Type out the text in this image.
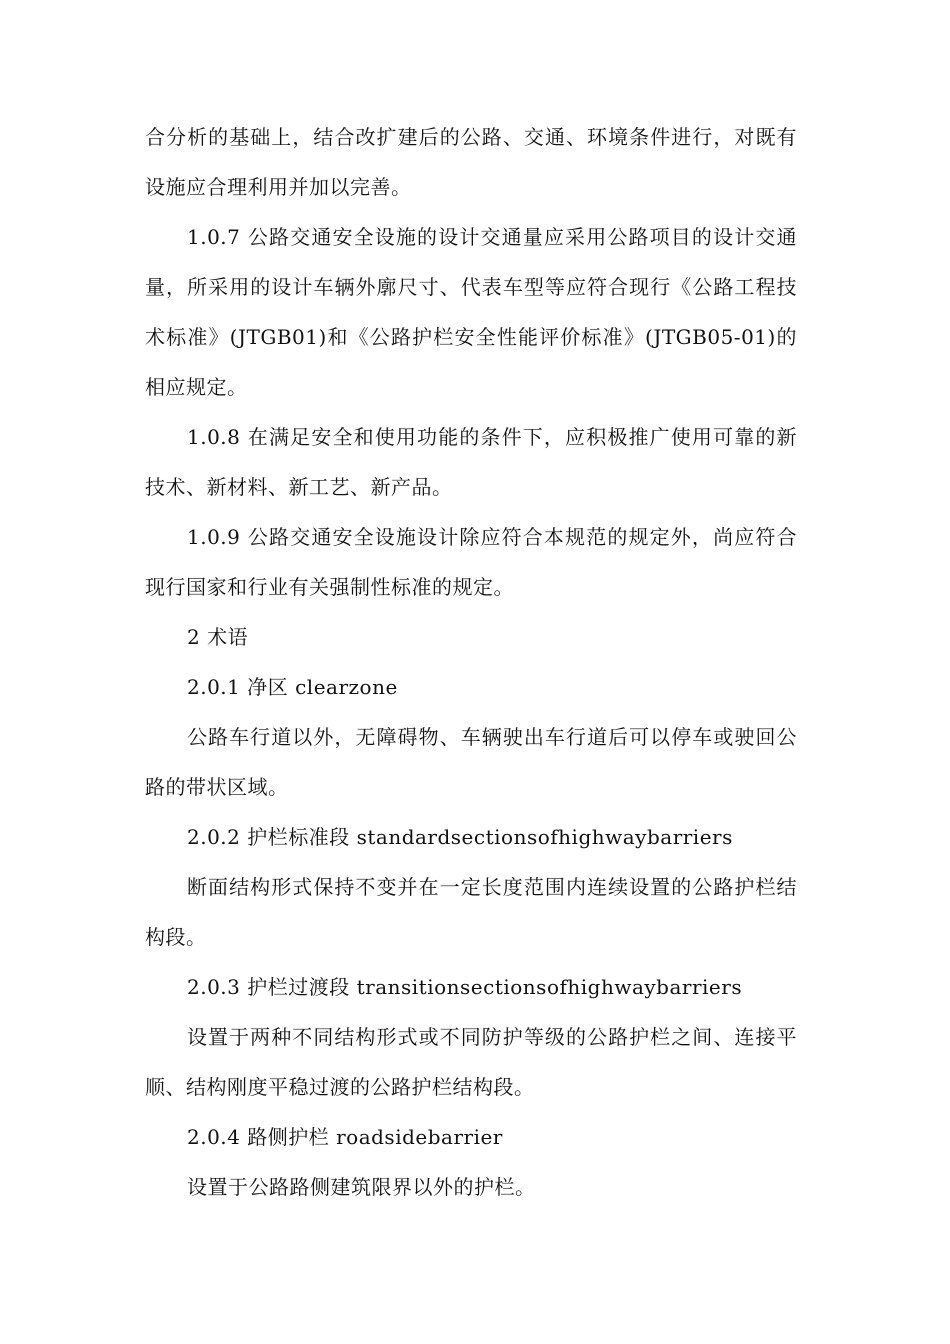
合分析的基础上，结合改扩建后的公路、交通、环境条件进行，对既有设施应合理利用并加以完善。

1.0.7 公路交通安全设施的设计交通量应采用公路项目的设计交通量，所采用的设计车辆外廓尺寸、代表车型等应符合现行《公路工程技术标准》(JTGB01)和《公路护栏安全性能评价标准》(JTGB05-01)的相应规定。

1.0.8 在满足安全和使用功能的条件下，应积极推广使用可靠的新技术、新材料、新工艺、新产品。

1.0.9 公路交通安全设施设计除应符合本规范的规定外，尚应符合现行国家和行业有关强制性标准的规定。

2 术语

2.0.1 净区 clearzone

公路车行道以外，无障碍物、车辆驶出车行道后可以停车或驶回公路的带状区域。

2.0.2 护栏标准段 standardsectionsofhighwaybarriers

断面结构形式保持不变并在一定长度范围内连续设置的公路护栏结构段。

2.0.3 护栏过渡段 transitionsectionsofhighwaybarriers

设置于两种不同结构形式或不同防护等级的公路护栏之间、连接平顺、结构刚度平稳过渡的公路护栏结构段。

2.0.4 路侧护栏 roadsidebarrier

设置于公路路侧建筑限界以外的护栏。
